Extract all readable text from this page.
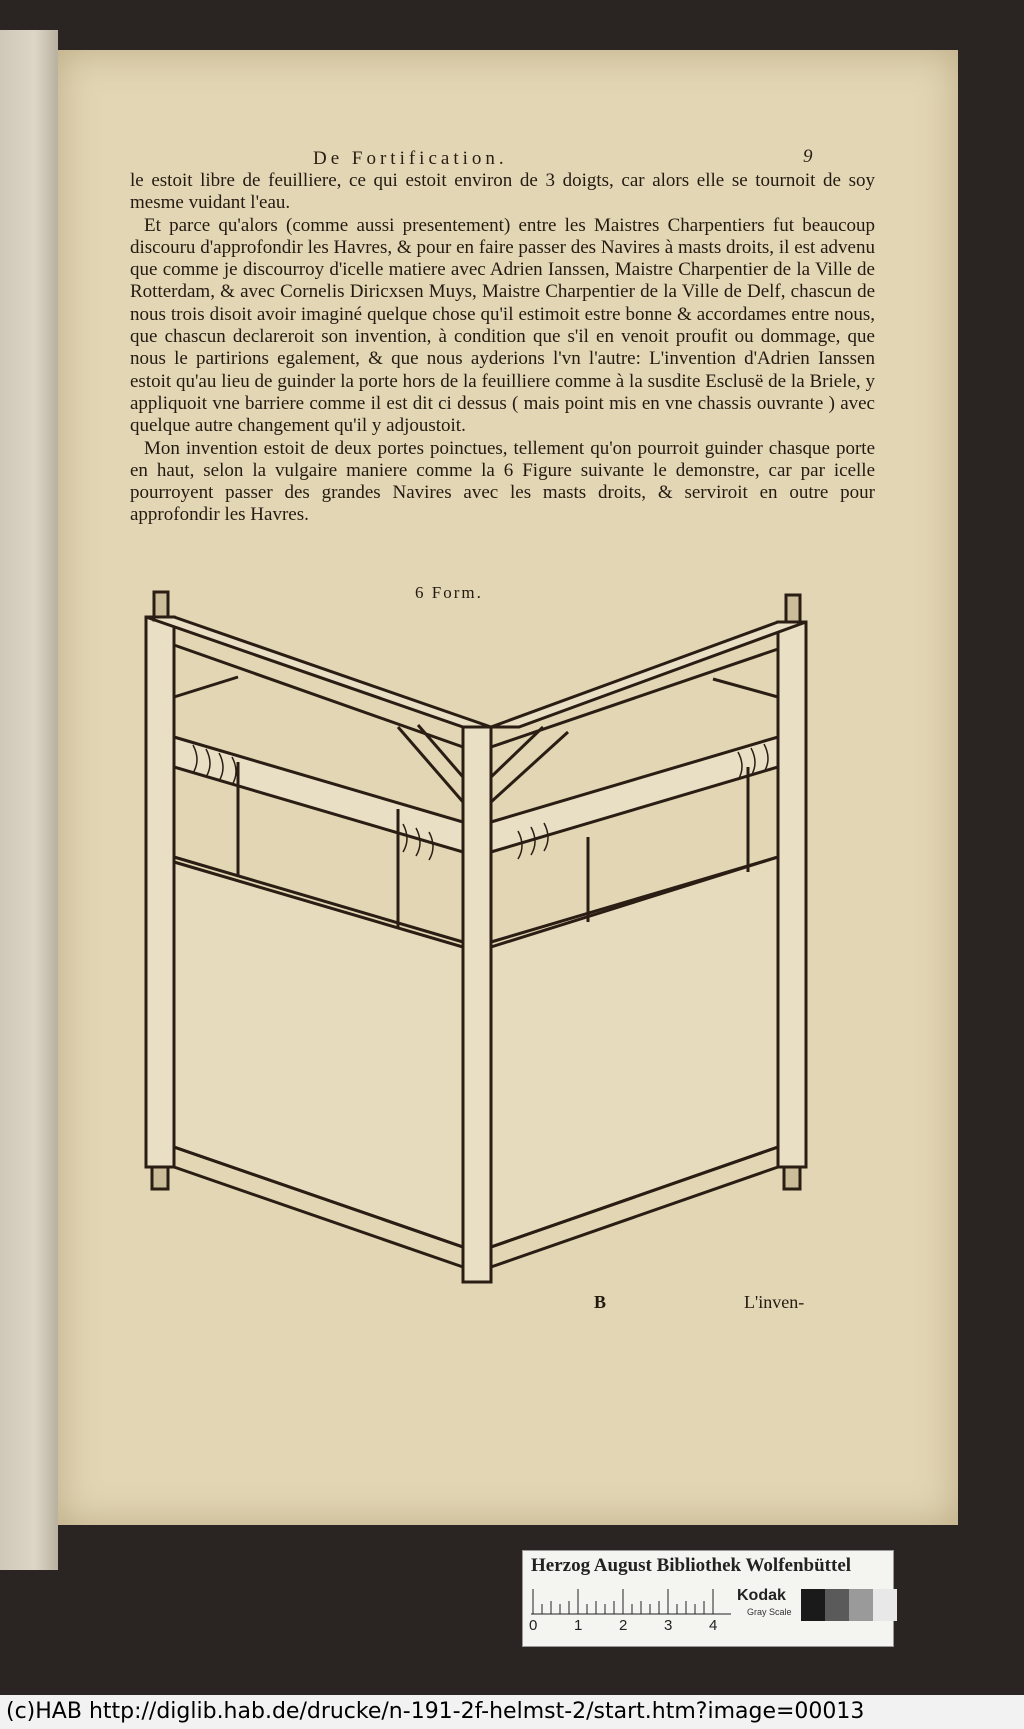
De Fortification.	9

le estoit libre de feuilliere, ce qui estoit environ de 3 doigts, car alors elle se tournoit de soy mesme vuidant l'eau.

Et parce qu'alors (comme aussi presentement) entre les Maistres Charpentiers fut beaucoup discouru d'approfondir les Havres, & pour en faire passer des Navires à masts droits, il est advenu que comme je discourroy d'icelle matiere avec Adrien Ianssen, Maistre Charpentier de la Ville de Rotterdam, & avec Cornelis Diricxsen Muys, Maistre Charpentier de la Ville de Delf, chascun de nous trois disoit avoir imaginé quelque chose qu'il estimoit estre bonne & accordames entre nous, que chascun declareroit son invention, à condition que s'il en venoit proufit ou dommage, que nous le partirions egalement, & que nous ayderions l'vn l'autre: L'invention d'Adrien Ianssen estoit qu'au lieu de guinder la porte hors de la feuilliere comme à la susdite Esclusë de la Briele, y appliquoit vne barriere comme il est dit ci dessus ( mais point mis en vne chassis ouvrante ) avec quelque autre changement qu'il y adjoustoit.

Mon invention estoit de deux portes poinctues, tellement qu'on pourroit guinder chasque porte en haut, selon la vulgaire maniere comme la 6 Figure suivante le demonstre, car par icelle pourroyent passer des grandes Navires avec les masts droits, & serviroit en outre pour approfondir les Havres.

6 Form.
B	L'inven-
Herzog August Bibliothek Wolfenbüttel
0 1 2 3 4
Kodak
Gray Scale
(c)HAB http://diglib.hab.de/drucke/n-191-2f-helmst-2/start.htm?image=00013
